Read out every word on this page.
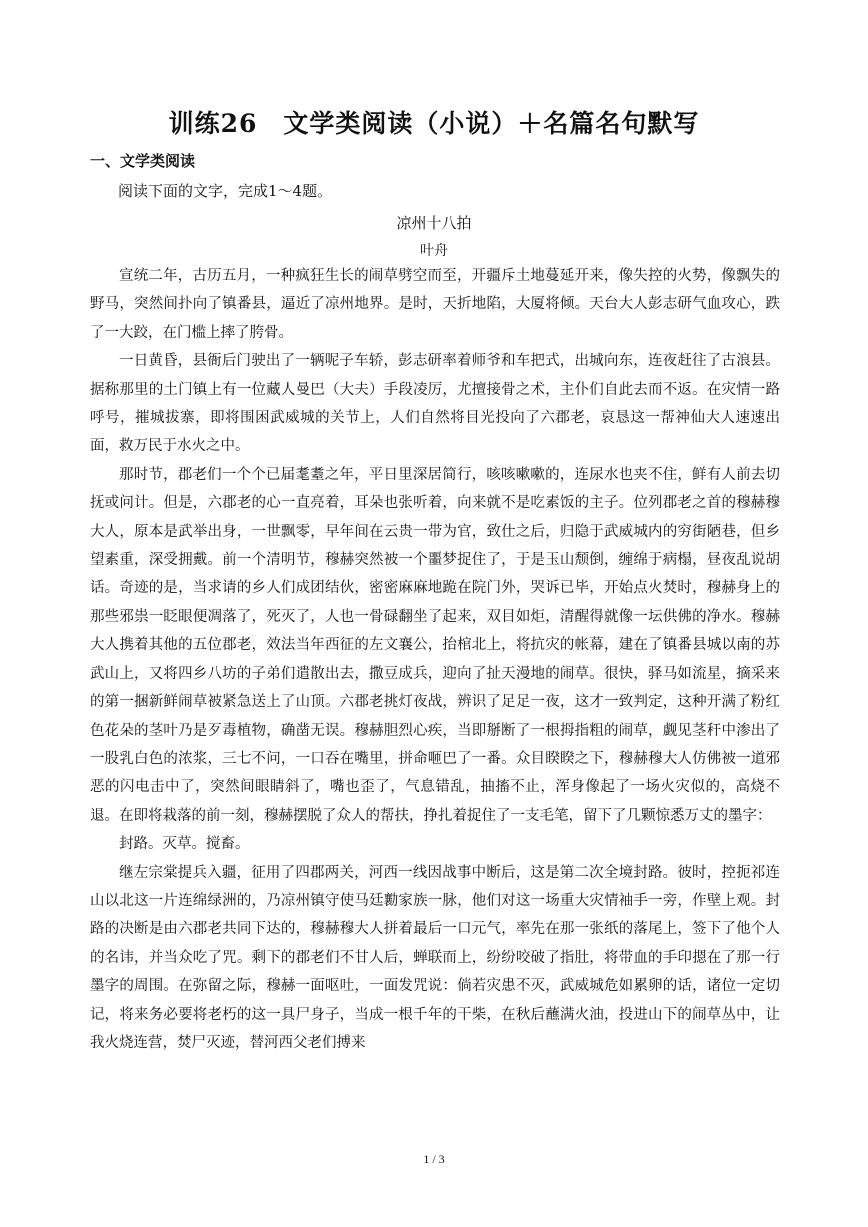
训练26　文学类阅读（小说）＋名篇名句默写
一、文学类阅读
阅读下面的文字，完成1～4题。
凉州十八拍
叶舟

宣统二年，古历五月，一种疯狂生长的闹草劈空而至，开疆斥土地蔓延开来，像失控的火势，像飘失的野马，突然间扑向了镇番县，逼近了凉州地界。是时，天折地陷，大厦将倾。天台大人彭志研气血攻心，跌了一大跤，在门槛上摔了胯骨。

一日黄昏，县衙后门驶出了一辆呢子车轿，彭志研率着师爷和车把式，出城向东，连夜赶往了古浪县。据称那里的土门镇上有一位藏人曼巴（大夫）手段凌厉，尤擅接骨之术，主仆们自此去而不返。在灾情一路呼号，摧城拔寨，即将围困武威城的关节上，人们自然将目光投向了六郡老，哀恳这一帮神仙大人速速出面，救万民于水火之中。

那时节，郡老们一个个已届耄耋之年，平日里深居简行，咳咳嗽嗽的，连尿水也夹不住，鲜有人前去切抚或问计。但是，六郡老的心一直亮着，耳朵也张听着，向来就不是吃素饭的主子。位列郡老之首的穆赫穆大人，原本是武举出身，一世飘零，早年间在云贵一带为官，致仕之后，归隐于武威城内的穷街陋巷，但乡望素重，深受拥戴。前一个清明节，穆赫突然被一个噩梦捉住了，于是玉山颓倒，缠绵于病榻，昼夜乱说胡话。奇迹的是，当求请的乡人们成团结伙，密密麻麻地跪在院门外，哭诉已毕，开始点火焚时，穆赫身上的那些邪祟一眨眼便凋落了，死灭了，人也一骨碌翻坐了起来，双目如炬，清醒得就像一坛供佛的净水。穆赫大人携着其他的五位郡老，效法当年西征的左文襄公，抬棺北上，将抗灾的帐幕，建在了镇番县城以南的苏武山上，又将四乡八坊的子弟们遣散出去，撒豆成兵，迎向了扯天漫地的闹草。很快，驿马如流星，摘采来的第一捆新鲜闹草被紧急送上了山顶。六郡老挑灯夜战，辨识了足足一夜，这才一致判定，这种开满了粉红色花朵的茎叶乃是歹毒植物，确凿无误。穆赫胆烈心疾，当即掰断了一根拇指粗的闹草，觑见茎秆中渗出了一股乳白色的浓浆，三七不问，一口吞在嘴里，拼命咂巴了一番。众目睽睽之下，穆赫穆大人仿佛被一道邪恶的闪电击中了，突然间眼睛斜了，嘴也歪了，气息错乱，抽搐不止，浑身像起了一场火灾似的，高烧不退。在即将栽落的前一刻，穆赫摆脱了众人的帮扶，挣扎着捉住了一支毛笔，留下了几颗惊悉万丈的墨字：

封路。灭草。搅畜。

继左宗棠提兵入疆，征用了四郡两关，河西一线因战事中断后，这是第二次全境封路。彼时，控扼祁连山以北这一片连绵绿洲的，乃凉州镇守使马廷勷家族一脉，他们对这一场重大灾情袖手一旁，作壁上观。封路的决断是由六郡老共同下达的，穆赫穆大人拼着最后一口元气，率先在那一张纸的落尾上，签下了他个人的名讳，并当众吃了咒。剩下的郡老们不甘人后，蝉联而上，纷纷咬破了指肚，将带血的手印摁在了那一行墨字的周围。在弥留之际，穆赫一面呕吐，一面发咒说：倘若灾患不灭，武威城危如累卵的话，诸位一定切记，将来务必要将老朽的这一具尸身子，当成一根千年的干柴，在秋后蘸满火油，投进山下的闹草丛中，让我火烧连营，焚尸灭迹，替河西父老们搏来

1 / 3
